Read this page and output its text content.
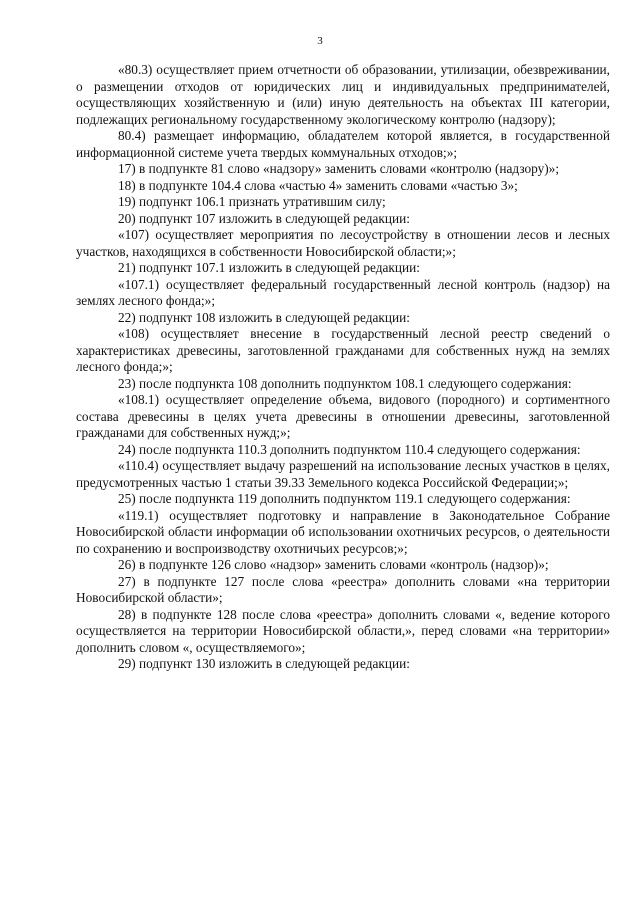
3

«80.3) осуществляет прием отчетности об образовании, утилизации, обезвреживании, о размещении отходов от юридических лиц и индивидуальных предпринимателей, осуществляющих хозяйственную и (или) иную деятельность на объектах III категории, подлежащих региональному государственному экологическому контролю (надзору);

80.4) размещает информацию, обладателем которой является, в государственной информационной системе учета твердых коммунальных отходов;»;

17) в подпункте 81 слово «надзору» заменить словами «контролю (надзору)»;

18) в подпункте 104.4 слова «частью 4» заменить словами «частью 3»;

19) подпункт 106.1 признать утратившим силу;

20) подпункт 107 изложить в следующей редакции:

«107) осуществляет мероприятия по лесоустройству в отношении лесов и лесных участков, находящихся в собственности Новосибирской области;»;

21) подпункт 107.1 изложить в следующей редакции:

«107.1) осуществляет федеральный государственный лесной контроль (надзор) на землях лесного фонда;»;

22) подпункт 108 изложить в следующей редакции:

«108) осуществляет внесение в государственный лесной реестр сведений о характеристиках древесины, заготовленной гражданами для собственных нужд на землях лесного фонда;»;

23) после подпункта 108 дополнить подпунктом 108.1 следующего содержания:

«108.1) осуществляет определение объема, видового (породного) и сортиментного состава древесины в целях учета древесины в отношении древесины, заготовленной гражданами для собственных нужд;»;

24) после подпункта 110.3 дополнить подпунктом 110.4 следующего содержания:

«110.4) осуществляет выдачу разрешений на использование лесных участков в целях, предусмотренных частью 1 статьи 39.33 Земельного кодекса Российской Федерации;»;

25) после подпункта 119 дополнить подпунктом 119.1 следующего содержания:

«119.1) осуществляет подготовку и направление в Законодательное Собрание Новосибирской области информации об использовании охотничьих ресурсов, о деятельности по сохранению и воспроизводству охотничьих ресурсов;»;

26) в подпункте 126 слово «надзор» заменить словами «контроль (надзор)»;

27) в подпункте 127 после слова «реестра» дополнить словами «на территории Новосибирской области»;

28) в подпункте 128 после слова «реестра» дополнить словами «, ведение которого осуществляется на территории Новосибирской области,», перед словами «на территории» дополнить словом «, осуществляемого»;

29) подпункт 130 изложить в следующей редакции:
